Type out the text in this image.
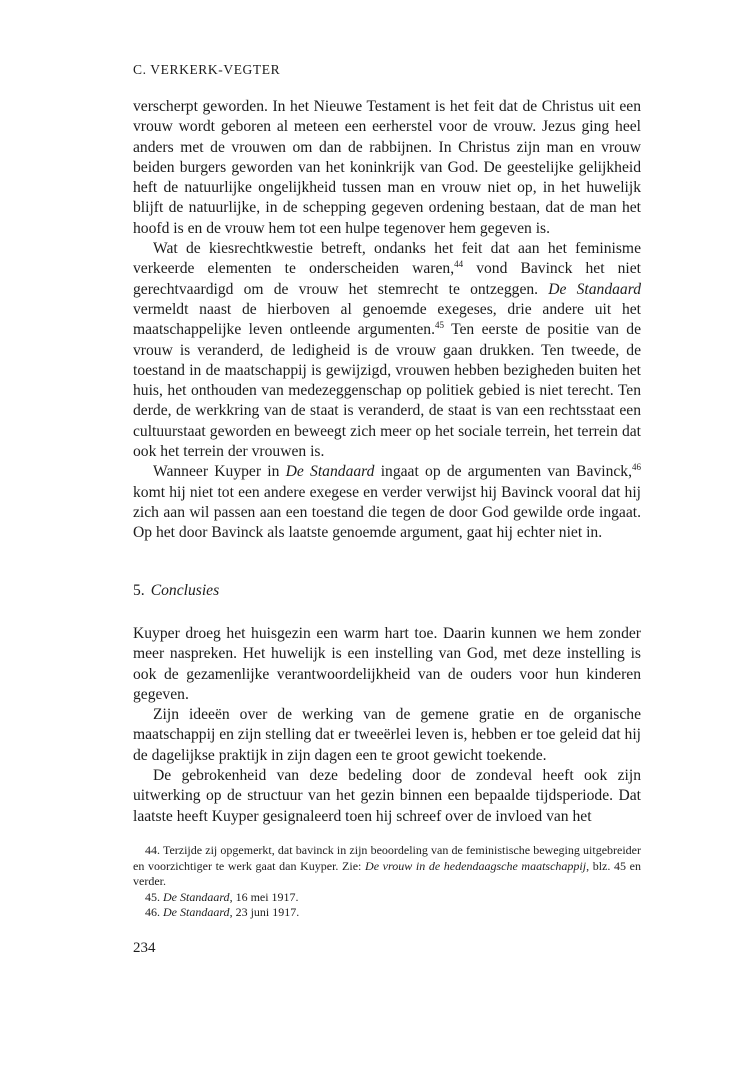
C. VERKERK-VEGTER

verscherpt geworden. In het Nieuwe Testament is het feit dat de Christus uit een vrouw wordt geboren al meteen een eerherstel voor de vrouw. Jezus ging heel anders met de vrouwen om dan de rabbijnen. In Christus zijn man en vrouw beiden burgers geworden van het koninkrijk van God. De geestelijke gelijkheid heft de natuurlijke ongelijkheid tussen man en vrouw niet op, in het huwelijk blijft de natuurlijke, in de schepping gegeven ordening bestaan, dat de man het hoofd is en de vrouw hem tot een hulpe tegenover hem gegeven is.

Wat de kiesrechtkwestie betreft, ondanks het feit dat aan het feminisme verkeerde elementen te onderscheiden waren,$^{44}$ vond Bavinck het niet gerechtvaardigd om de vrouw het stemrecht te ontzeggen. De Standaard vermeldt naast de hierboven al genoemde exegeses, drie andere uit het maatschappelijke leven ontleende argumenten.$^{45}$ Ten eerste de positie van de vrouw is veranderd, de ledigheid is de vrouw gaan drukken. Ten tweede, de toestand in de maatschappij is gewijzigd, vrouwen hebben bezigheden buiten het huis, het onthouden van medezeggenschap op politiek gebied is niet terecht. Ten derde, de werkkring van de staat is veranderd, de staat is van een rechtsstaat een cultuurstaat geworden en beweegt zich meer op het sociale terrein, het terrein dat ook het terrein der vrouwen is.

Wanneer Kuyper in De Standaard ingaat op de argumenten van Bavinck,$^{46}$ komt hij niet tot een andere exegese en verder verwijst hij Bavinck vooral dat hij zich aan wil passen aan een toestand die tegen de door God gewilde orde ingaat. Op het door Bavinck als laatste genoemde argument, gaat hij echter niet in.

5. Conclusies

Kuyper droeg het huisgezin een warm hart toe. Daarin kunnen we hem zonder meer naspreken. Het huwelijk is een instelling van God, met deze instelling is ook de gezamenlijke verantwoordelijkheid van de ouders voor hun kinderen gegeven.

Zijn ideeën over de werking van de gemene gratie en de organische maatschappij en zijn stelling dat er tweeërlei leven is, hebben er toe geleid dat hij de dagelijkse praktijk in zijn dagen een te groot gewicht toekende.

De gebrokenheid van deze bedeling door de zondeval heeft ook zijn uitwerking op de structuur van het gezin binnen een bepaalde tijdsperiode. Dat laatste heeft Kuyper gesignaleerd toen hij schreef over de invloed van het

44. Terzijde zij opgemerkt, dat bavinck in zijn beoordeling van de feministische beweging uitgebreider en voorzichtiger te werk gaat dan Kuyper. Zie: De vrouw in de hedendaagsche maatschappij, blz. 45 en verder.

45. De Standaard, 16 mei 1917.

46. De Standaard, 23 juni 1917.

234
